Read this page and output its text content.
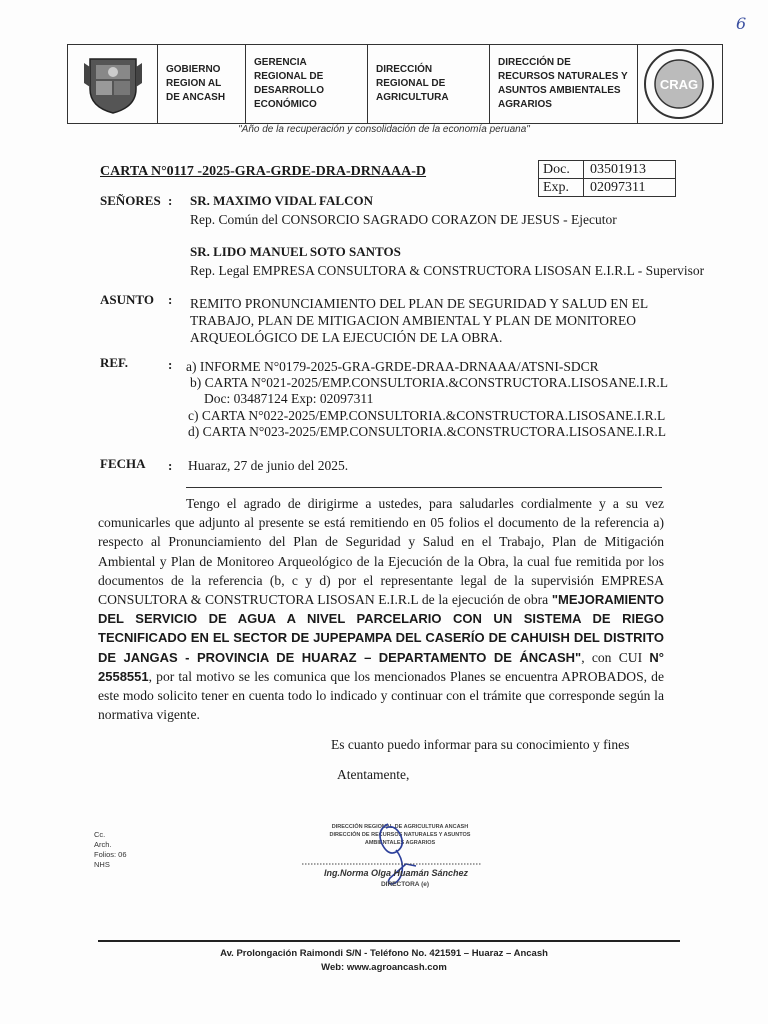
6
GOBIERNO REGION AL DE ANCASH
GERENCIA REGIONAL DE DESARROLLO ECONÓMICO
DIRECCIÓN REGIONAL DE AGRICULTURA
DIRECCIÓN DE RECURSOS NATURALES Y ASUNTOS AMBIENTALES AGRARIOS
CRAG
"Año de la recuperación y consolidación de la economía peruana"
CARTA N°0117 -2025-GRA-GRDE-DRA-DRNAAA-D	Doc.	03501913
Exp.	02097311
SEÑORES : SR. MAXIMO VIDAL FALCON
Rep. Común del CONSORCIO SAGRADO CORAZON DE JESUS - Ejecutor
SR. LIDO MANUEL SOTO SANTOS
Rep. Legal EMPRESA CONSULTORA & CONSTRUCTORA LISOSAN E.I.R.L - Supervisor
ASUNTO : REMITO PRONUNCIAMIENTO DEL PLAN DE SEGURIDAD Y SALUD EN EL
TRABAJO, PLAN DE MITIGACION AMBIENTAL Y PLAN DE MONITOREO
ARQUEOLÓGICO DE LA EJECUCIÓN DE LA OBRA.
REF.	: a) INFORME N°0179-2025-GRA-GRDE-DRAA-DRNAAA/ATSNI-SDCR
b) CARTA N°021-2025/EMP.CONSULTORIA.&CONSTRUCTORA.LISOSANE.I.R.L
Doc: 03487124 Exp: 02097311
c) CARTA N°022-2025/EMP.CONSULTORIA.&CONSTRUCTORA.LISOSANE.I.R.L
d) CARTA N°023-2025/EMP.CONSULTORIA.&CONSTRUCTORA.LISOSANE.I.R.L
FECHA : Huaraz, 27 de junio del 2025.
Tengo el agrado de dirigirme a ustedes, para saludarles cordialmente y a su vez comunicarles que adjunto al presente se está remitiendo en 05 folios el documento de la referencia a) respecto al Pronunciamiento del Plan de Seguridad y Salud en el Trabajo, Plan de Mitigación Ambiental y Plan de Monitoreo Arqueológico de la Ejecución de la Obra, la cual fue remitida por los documentos de la referencia (b, c y d) por el representante legal de la supervisión EMPRESA CONSULTORA & CONSTRUCTORA LISOSAN E.I.R.L de la ejecución de obra "MEJORAMIENTO DEL SERVICIO DE AGUA A NIVEL PARCELARIO CON UN SISTEMA DE RIEGO TECNIFICADO EN EL SECTOR DE JUPEPAMPA DEL CASERÍO DE CAHUISH DEL DISTRITO DE JANGAS - PROVINCIA DE HUARAZ – DEPARTAMENTO DE ÁNCASH", con CUI N° 2558551, por tal motivo se les comunica que los mencionados Planes se encuentra APROBADOS, de este modo solicito tener en cuenta todo lo indicado y continuar con el trámite que corresponde según la normativa vigente.
Es cuanto puedo informar para su conocimiento y fines
Atentamente,
Cc.
Arch.
Folios: 06
NHS
DIRECCIÓN REGIONAL DE AGRICULTURA ANCASH
DIRECCIÓN DE RECURSOS NATURALES Y ASUNTOS
AMBIENTALES AGRARIOS
Ing.Norma Olga Huamán Sánchez
DIRECTORA (e)
Av. Prolongación Raimondi S/N - Teléfono No. 421591 – Huaraz – Ancash
Web: www.agroancash.com
